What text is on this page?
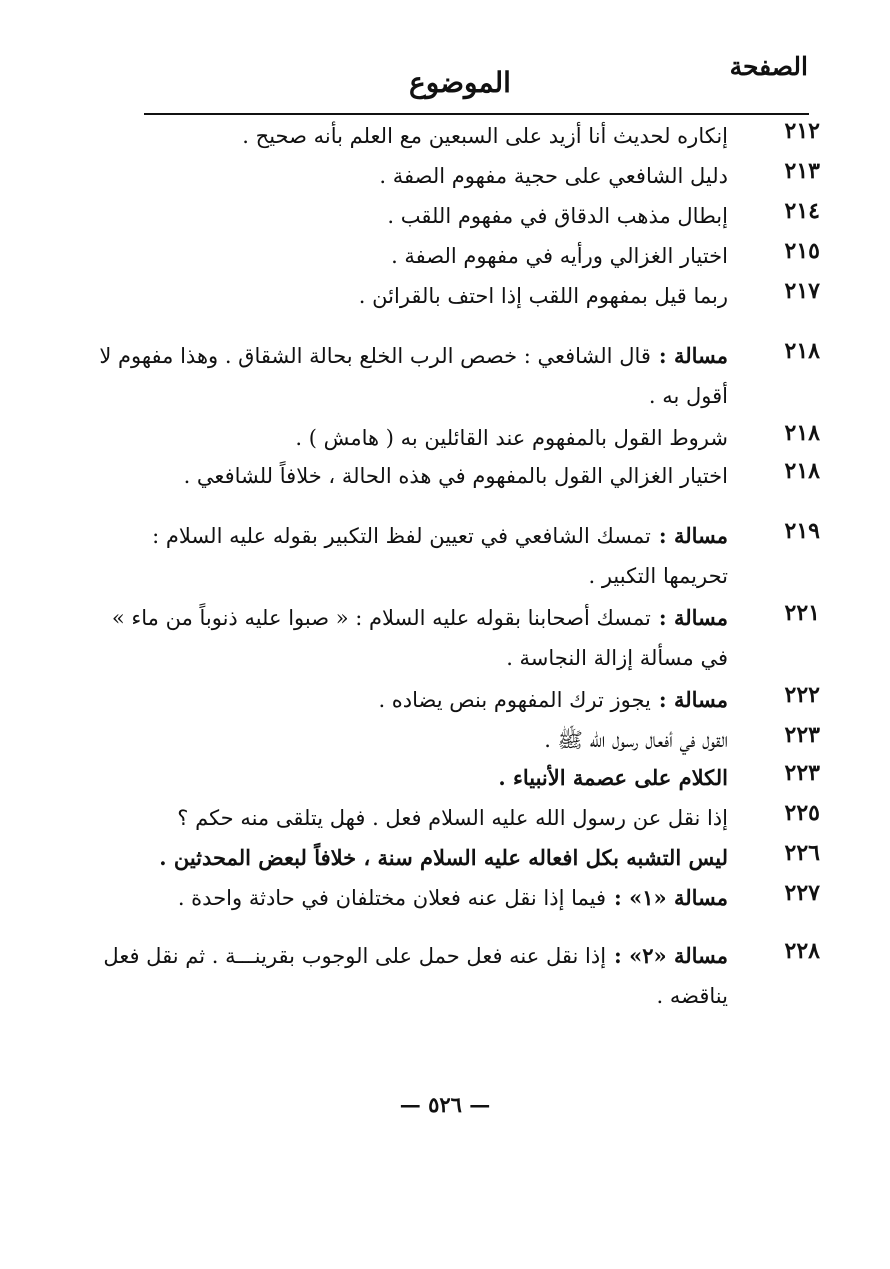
الصفحة
الموضوع
٢١٢
إنكاره لحديث أنا أزيد على السبعين مع العلم بأنه صحيح .
٢١٣
دليل الشافعي على حجية مفهوم الصفة .
٢١٤
إبطال مذهب الدقاق في مفهوم اللقب .
٢١٥
اختيار الغزالي ورأيه في مفهوم الصفة .
٢١٧
ربما قيل بمفهوم اللقب إذا احتف بالقرائن .
٢١٨
مسالة :قال الشافعي : خصص الرب الخلع بحالة الشقاق . وهذا مفهوم لا أقول به .
٢١٨
شروط القول بالمفهوم عند القائلين به ( هامش ) .
٢١٨
اختيار الغزالي القول بالمفهوم في هذه الحالة ، خلافاً للشافعي .
٢١٩
مسالة :تمسك الشافعي في تعيين لفظ التكبير بقوله عليه السلام : تحريمها التكبير .
٢٢١
مسالة :تمسك أصحابنا بقوله عليه السلام : « صبوا عليه ذنوباً من ماء » في مسألة إزالة النجاسة .
٢٢٢
مسالة :يجوز ترك المفهوم بنص يضاده .
٢٢٣
القول في أفعال رسول الله ﷺ .
٢٢٣
الكلام على عصمة الأنبياء .
٢٢٥
إذا نقل عن رسول الله عليه السلام فعل . فهل يتلقى منه حكم ؟
٢٢٦
ليس التشبه بكل افعاله عليه السلام سنة ، خلافاً لبعض المحدثين .
٢٢٧
مسالة «١» :فيما إذا نقل عنه فعلان مختلفان في حادثة واحدة .
٢٢٨
مسالة «٢» :إذا نقل عنه فعل حمل على الوجوب بقرينـــة . ثم نقل فعل يناقضه .
— ٥٢٦ —
